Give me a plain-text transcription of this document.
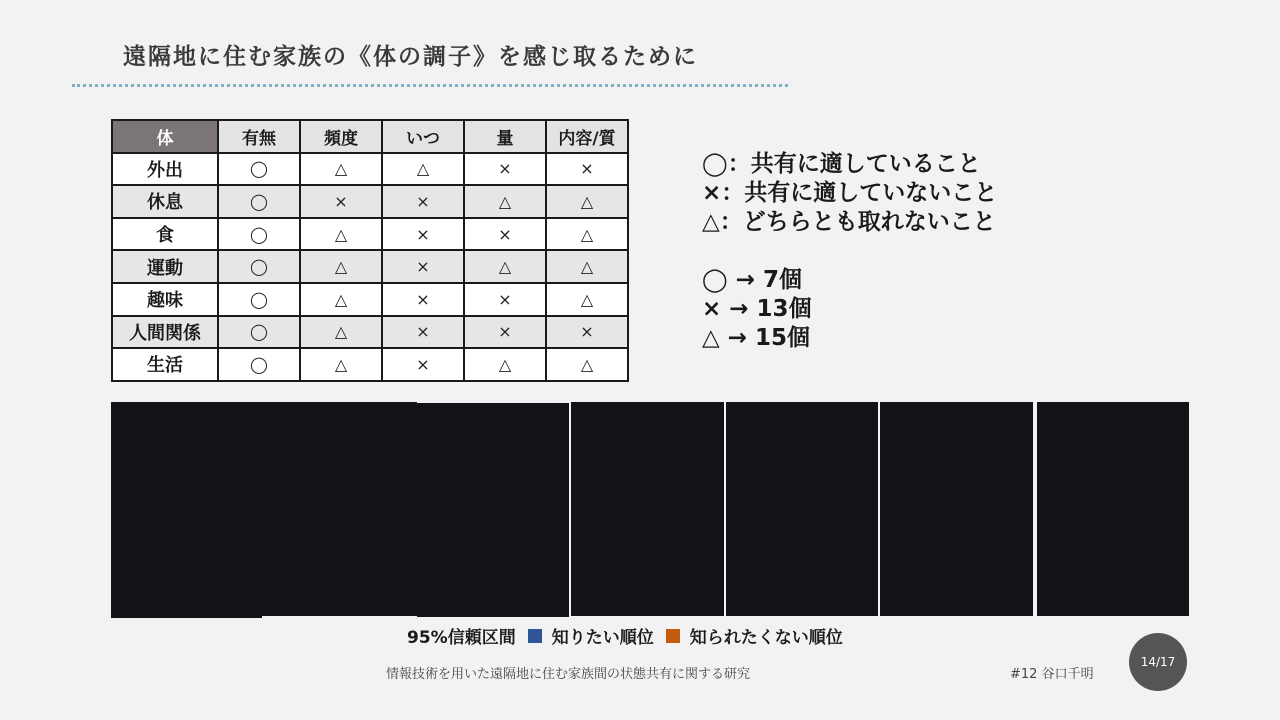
遠隔地に住む家族の《体の調子》を感じ取るために
体	有無	頻度	いつ	量	内容/質
外出	◯	△	△	×	×
休息	◯	×	×	△	△
食	◯	△	×	×	△
運動	◯	△	×	△	△
趣味	◯	△	×	×	△
人間関係	◯	△	×	×	×
生活	◯	△	×	△	△
◯：共有に適していること
×：共有に適していないこと
△：どちらとも取れないこと
◯ → 7個
× → 13個
△ → 15個
95%信頼区間 知りたい順位 知られたくない順位
情報技術を用いた遠隔地に住む家族間の状態共有に関する研究	#12 谷口千明
14/17
